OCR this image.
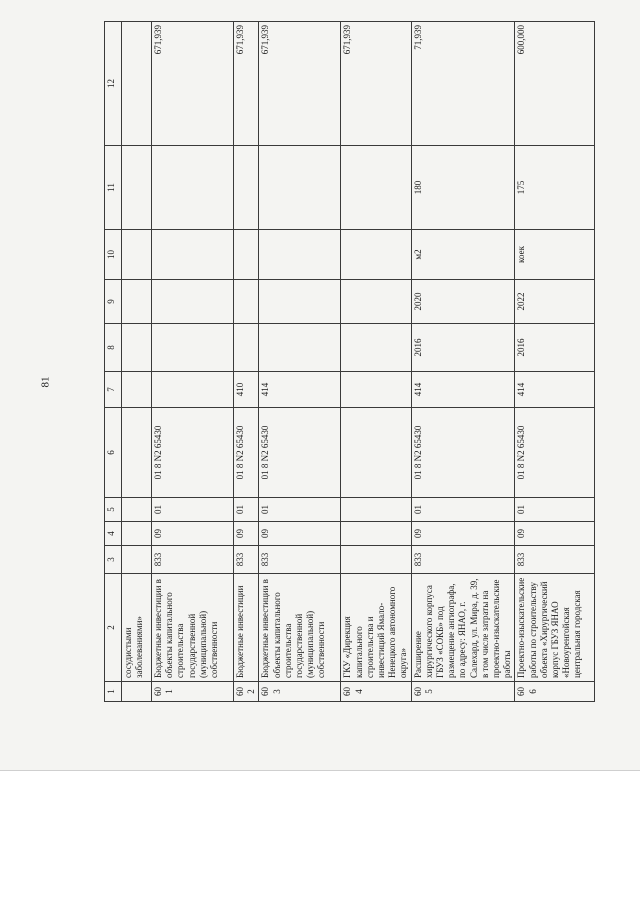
81
1	2	3	4	5	6	7	8	9	10	11	12
	сосудистыми заболеваниями»										
601	Бюджетные инвестиции в объекты капитального строительства государственной (муниципальной) собственности	833	09	01	01 8 N2 65430						671,939
602	Бюджетные инвестиции	833	09	01	01 8 N2 65430	410					671,939
603	Бюджетные инвестиции в объекты капитального строительства государственной (муниципальной) собственности	833	09	01	01 8 N2 65430	414					671,939
604	ГКУ «Дирекция капитального строительства и инвестиций Ямало-Ненецкого автономного округа»										671,939
605	Расширение хирургического корпуса ГБУЗ «СОКБ» под размещение ангиографа, по адресу: ЯНАО, г. Салехард, ул. Мира, д. 39, в том числе затраты на проектно-изыскательские работы	833	09	01	01 8 N2 65430	414	2016	2020	м2	180	71,939
606	Проектно-изыскательские работы по строительству объекта «Хирургический корпус ГБУЗ ЯНАО «Новоуренгойская центральная городская	833	09	01	01 8 N2 65430	414	2016	2022	коек	175	600,000
